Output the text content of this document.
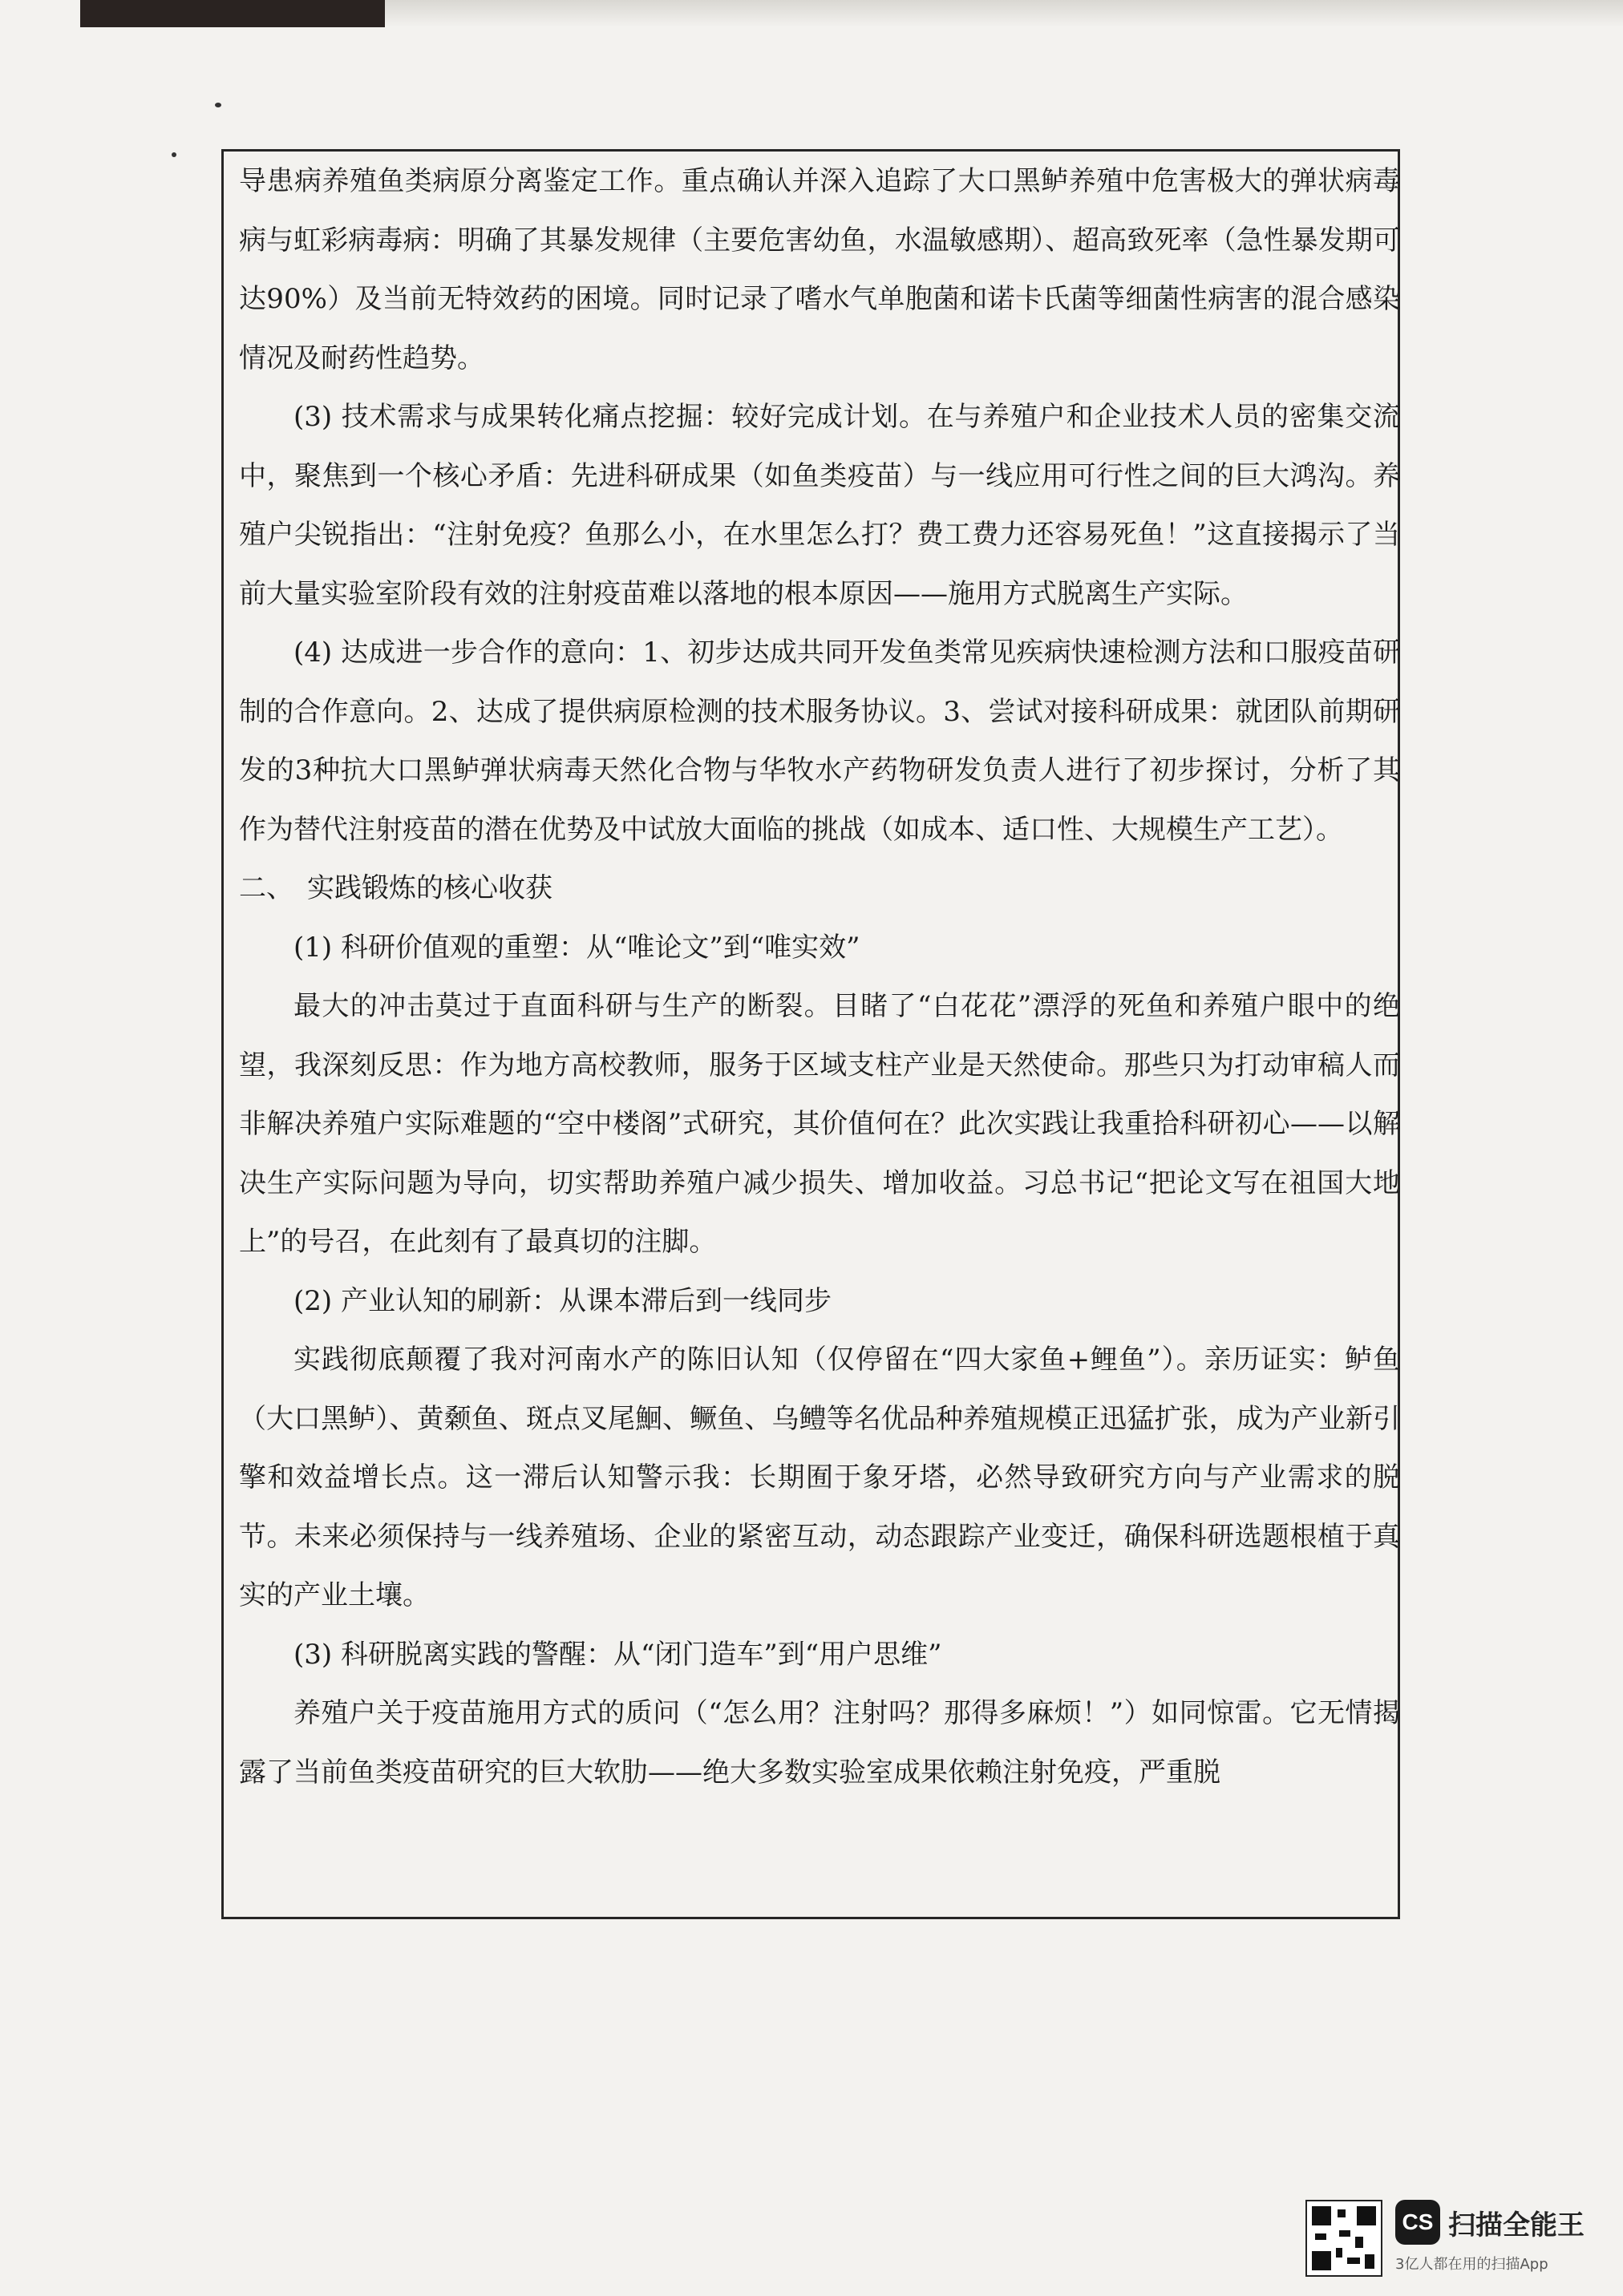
导患病养殖鱼类病原分离鉴定工作。重点确认并深入追踪了大口黑鲈养殖中危害极大的弹状病毒病与虹彩病毒病：明确了其暴发规律（主要危害幼鱼，水温敏感期）、超高致死率（急性暴发期可达90%）及当前无特效药的困境。同时记录了嗜水气单胞菌和诺卡氏菌等细菌性病害的混合感染情况及耐药性趋势。

(3) 技术需求与成果转化痛点挖掘：较好完成计划。在与养殖户和企业技术人员的密集交流中，聚焦到一个核心矛盾：先进科研成果（如鱼类疫苗）与一线应用可行性之间的巨大鸿沟。养殖户尖锐指出：“注射免疫？鱼那么小，在水里怎么打？费工费力还容易死鱼！”这直接揭示了当前大量实验室阶段有效的注射疫苗难以落地的根本原因——施用方式脱离生产实际。

(4) 达成进一步合作的意向：1、初步达成共同开发鱼类常见疾病快速检测方法和口服疫苗研制的合作意向。2、达成了提供病原检测的技术服务协议。3、尝试对接科研成果：就团队前期研发的3种抗大口黑鲈弹状病毒天然化合物与华牧水产药物研发负责人进行了初步探讨，分析了其作为替代注射疫苗的潜在优势及中试放大面临的挑战（如成本、适口性、大规模生产工艺）。

二、　实践锻炼的核心收获

(1) 科研价值观的重塑：从“唯论文”到“唯实效”

最大的冲击莫过于直面科研与生产的断裂。目睹了“白花花”漂浮的死鱼和养殖户眼中的绝望，我深刻反思：作为地方高校教师，服务于区域支柱产业是天然使命。那些只为打动审稿人而非解决养殖户实际难题的“空中楼阁”式研究，其价值何在？此次实践让我重拾科研初心——以解决生产实际问题为导向，切实帮助养殖户减少损失、增加收益。习总书记“把论文写在祖国大地上”的号召，在此刻有了最真切的注脚。

(2) 产业认知的刷新：从课本滞后到一线同步

实践彻底颠覆了我对河南水产的陈旧认知（仅停留在“四大家鱼+鲤鱼”）。亲历证实：鲈鱼（大口黑鲈）、黄颡鱼、斑点叉尾鮰、鳜鱼、乌鳢等名优品种养殖规模正迅猛扩张，成为产业新引擎和效益增长点。这一滞后认知警示我：长期囿于象牙塔，必然导致研究方向与产业需求的脱节。未来必须保持与一线养殖场、企业的紧密互动，动态跟踪产业变迁，确保科研选题根植于真实的产业土壤。

(3) 科研脱离实践的警醒：从“闭门造车”到“用户思维”

养殖户关于疫苗施用方式的质问（“怎么用？注射吗？那得多麻烦！”）如同惊雷。它无情揭露了当前鱼类疫苗研究的巨大软肋——绝大多数实验室成果依赖注射免疫，严重脱

CS 扫描全能王
3亿人都在用的扫描App
